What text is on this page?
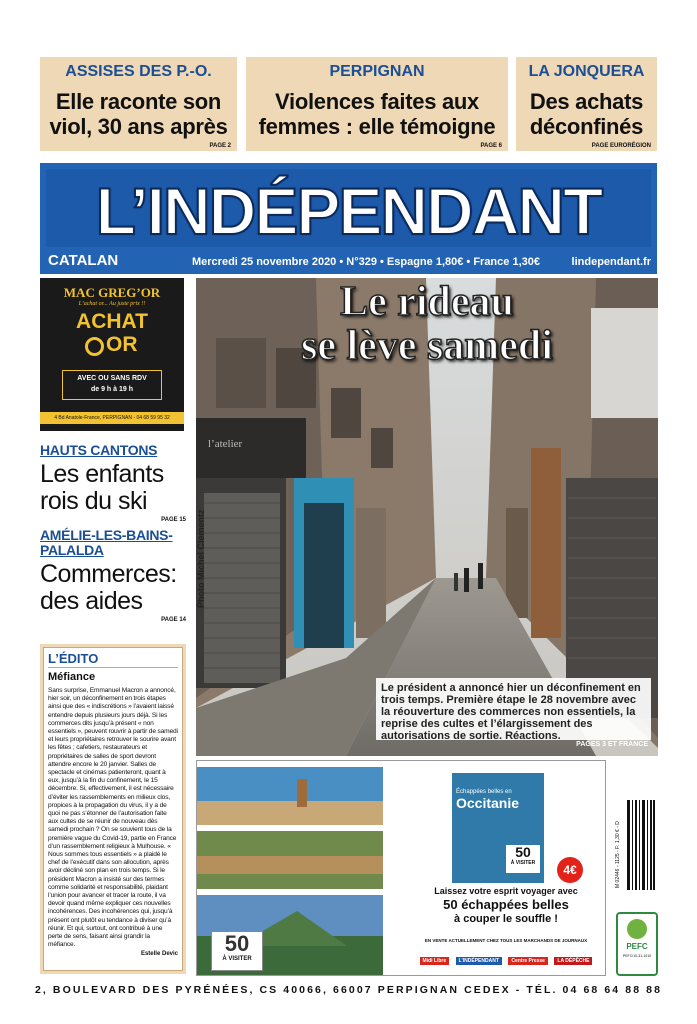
ASSISES DES P.-O.
Elle raconte son viol, 30 ans après
PAGE 2
PERPIGNAN
Violences faites aux femmes : elle témoigne
PAGE 6
LA JONQUERA
Des achats déconfinés
PAGE EURORÉGION
L’INDÉPENDANT
CATALAN	Mercredi 25 novembre 2020 • N°329 • Espagne 1,80€ • France 1,30€	lindependant.fr
MAC GREG’OR
L’achat or... Au juste prix !!
ACHAT
OR
AVEC OU SANS RDV
de 9 h à 19 h
4 Bd Anatole-France, PERPIGNAN - 04 68 59 95 32
HAUTS CANTONS
Les enfants rois du ski
PAGE 15
AMÉLIE-LES-BAINS-PALALDA
Commerces: des aides
PAGE 14
L’ÉDITO
Méfiance
Sans surprise, Emmanuel Macron a annoncé, hier soir, un déconfinement en trois étapes ainsi que des « indiscrétions » l’avaient laissé entendre depuis plusieurs jours déjà. Si les commerces dits jusqu’à présent « non essentiels », peuvent rouvrir à partir de samedi et leurs propriétaires retrouver le sourire avant les fêtes ; cafetiers, restaurateurs et propriétaires de salles de sport devront attendre encore le 20 janvier. Salles de spectacle et cinémas patienteront, quant à eux, jusqu’à la fin du confinement, le 15 décembre. Si, effectivement, il est nécessaire d’éviter les rassemblements en milieux clos, propices à la propagation du virus, il y a de quoi ne pas s’étonner de l’autorisation faite aux cultes de se réunir de nouveau dès samedi prochain ? On se souvient tous de la première vague du Covid-19, partie en France d’un rassemblement religieux à Mulhouse. « Nous sommes tous essentiels » a plaidé le chef de l’exécutif dans son allocution, après avoir décliné son plan en trois temps. Si le président Macron a insisté sur des termes comme solidarité et responsabilité, plaidant l’union pour avancer et tracer la route, il va devoir quand même expliquer ces nouvelles incohérences. Des incohérences qui, jusqu’à présent ont plutôt eu tendance à diviser qu’à réunir. Et qui, surtout, ont contribué à une perte de sens, faisant ainsi grandir la méfiance.
Estelle Devic
l’atelier
Le rideau
se lève samedi
Le président a annoncé hier un déconfinement en trois temps. Première étape le 28 novembre avec la réouverture des commerces non essentiels, la reprise des cultes et l’élargissement des autorisations de sortie. Réactions.
PAGES 3 ET FRANCE
Photo Michel Clementz
50
À VISITER
Échappées belles en
Occitanie
50
À VISITER	4€
Laissez votre esprit voyager avec
50 échappées belles
à couper le souffle !
EN VENTE ACTUELLEMENT CHEZ TOUS LES MARCHANDS DE JOURNAUX
Midi Libre L’INDÉPENDANT Centre Presse LA DÉPÊCHE
M 02446 - 1125 - F: 1,30 € - D
PEFC
PEFC/10-31-1010
2, BOULEVARD DES PYRÉNÉES, CS 40066, 66007 PERPIGNAN CEDEX - TÉL. 04 68 64 88 88
